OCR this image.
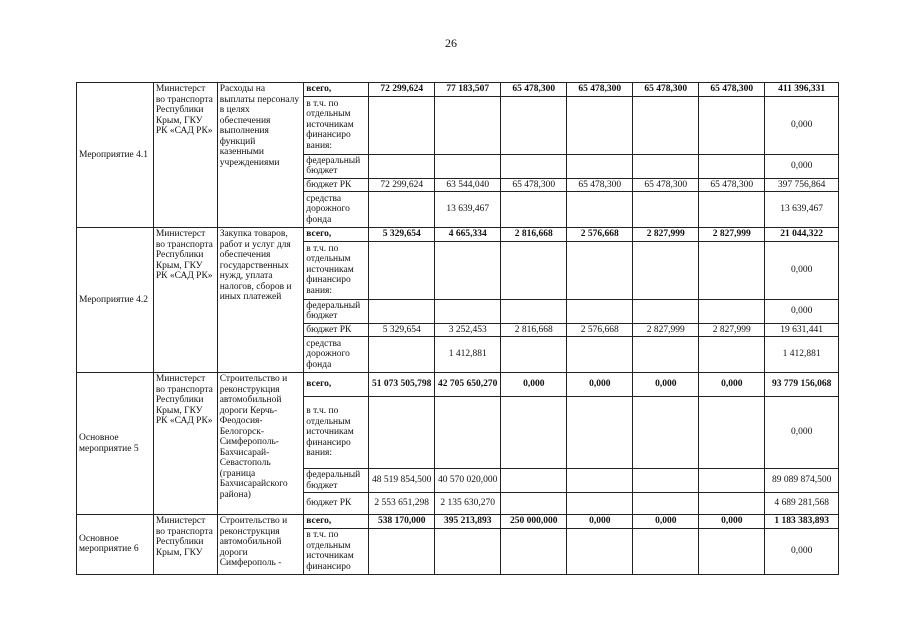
26
Мероприятие 4.1	Министерст во транспорта Республики Крым, ГКУ РК «САД РК»	Расходы на выплаты персоналу в целях обеспечения выполнения функций казенными учреждениями	всего,	72 299,624	77 183,507	65 478,300	65 478,300	65 478,300	65 478,300	411 396,331
			в т.ч. по отдельным источникам финансиро вания:							0,000
			федеральный бюджет							0,000
			бюджет РК	72 299,624	63 544,040	65 478,300	65 478,300	65 478,300	65 478,300	397 756,864
			средства дорожного фонда		13 639,467					13 639,467
Мероприятие 4.2	Министерст во транспорта Республики Крым, ГКУ РК «САД РК»	Закупка товаров, работ и услуг для обеспечения государственных нужд, уплата налогов, сборов и иных платежей	всего,	5 329,654	4 665,334	2 816,668	2 576,668	2 827,999	2 827,999	21 044,322
			в т.ч. по отдельным источникам финансиро вания:							0,000
			федеральный бюджет							0,000
			бюджет РК	5 329,654	3 252,453	2 816,668	2 576,668	2 827,999	2 827,999	19 631,441
			средства дорожного фонда		1 412,881					1 412,881
Основное мероприятие 5	Министерст во транспорта Республики Крым, ГКУ РК «САД РК»	Строительство и реконструкция автомобильной дороги Керчь-Феодосия-Белогорск-Симферополь-Бахчисарай-Севастополь (граница Бахчисарайского района)	всего,	51 073 505,798	42 705 650,270	0,000	0,000	0,000	0,000	93 779 156,068
			в т.ч. по отдельным источникам финансиро вания:							0,000
			федеральный бюджет	48 519 854,500	40 570 020,000					89 089 874,500
			бюджет РК	2 553 651,298	2 135 630,270					4 689 281,568
Основное мероприятие 6	Министерст во транспорта Республики Крым, ГКУ	Строительство и реконструкция автомобильной дороги Симферополь -	всего,	538 170,000	395 213,893	250 000,000	0,000	0,000	0,000	1 183 383,893
			в т.ч. по отдельным источникам финансиро							0,000
